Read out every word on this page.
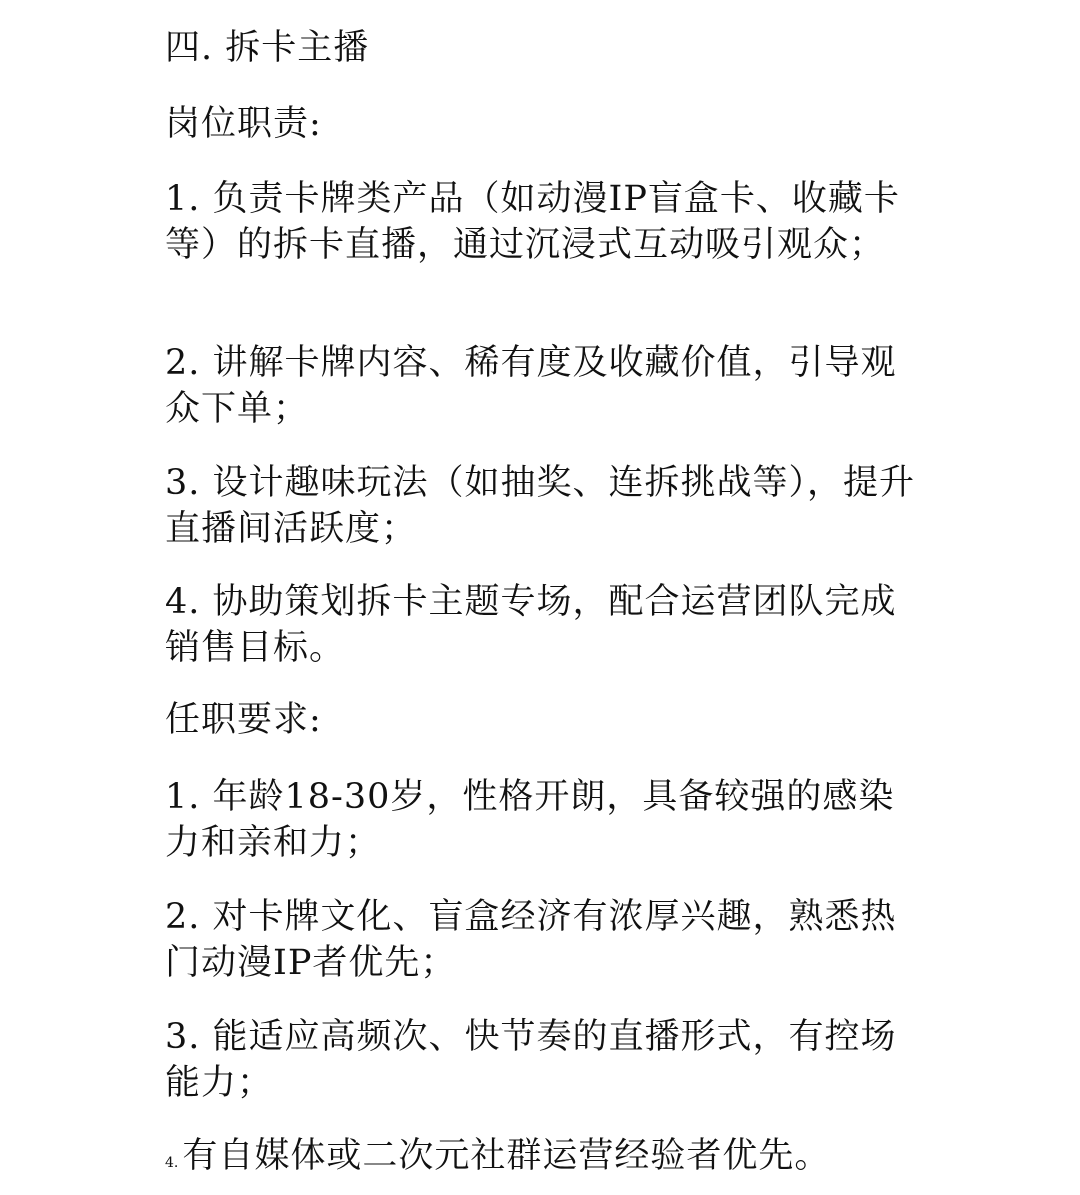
四. 拆卡主播
岗位职责:
1. 负责卡牌类产品（如动漫IP盲盒卡、收藏卡等）的拆卡直播，通过沉浸式互动吸引观众；
2. 讲解卡牌内容、稀有度及收藏价值，引导观众下单；
3. 设计趣味玩法（如抽奖、连拆挑战等），提升直播间活跃度；
4. 协助策划拆卡主题专场，配合运营团队完成销售目标。
任职要求:
1. 年龄18-30岁，性格开朗，具备较强的感染力和亲和力；
2. 对卡牌文化、盲盒经济有浓厚兴趣，熟悉热门动漫IP者优先；
3. 能适应高频次、快节奏的直播形式，有控场能力；
4. 有自媒体或二次元社群运营经验者优先。
